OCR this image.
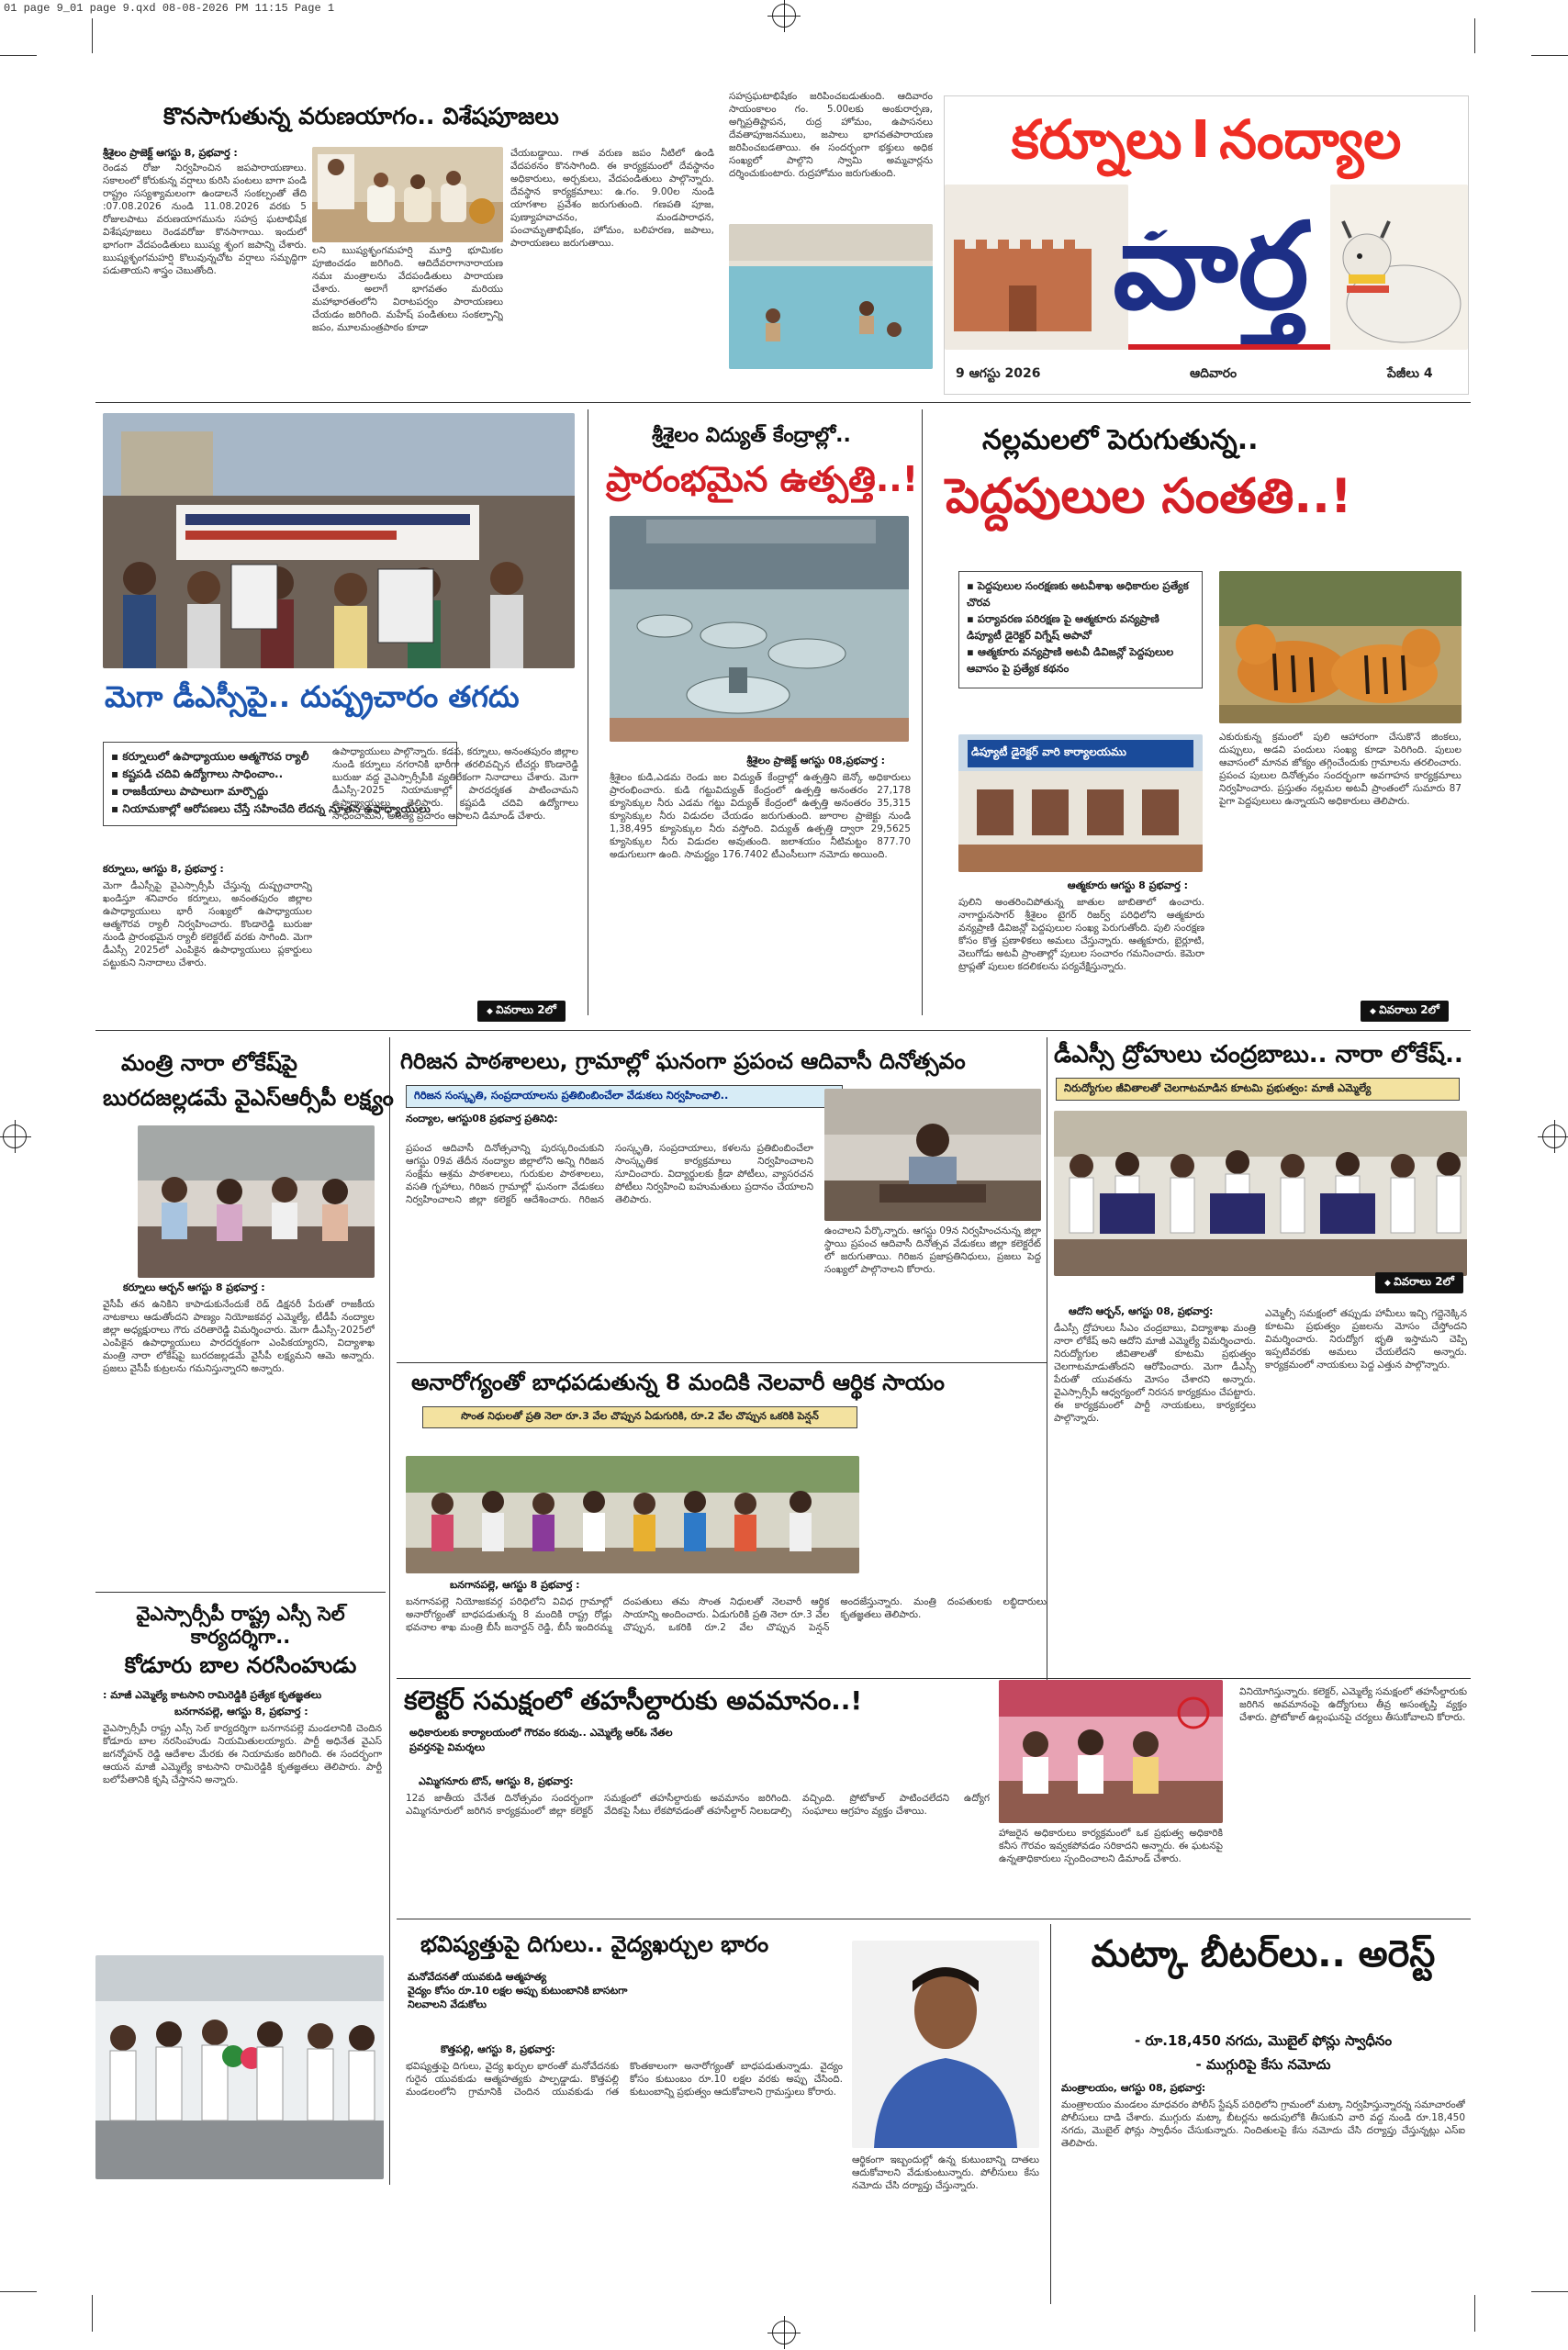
01 page 9_01 page 9.qxd 08-08-2026 PM 11:15 Page 1
కొనసాగుతున్న వరుణయాగం.. విశేషపూజలు
శ్రీశైలం ప్రాజెక్ట్ ఆగస్టు 8, ప్రభవార్త :
రెండవ రోజు నిర్వహించిన జపపారాయణాలు. సకాలంలో కోరుకున్న వర్షాలు కురిసి పంటలు బాగా పండి రాష్ట్రం సస్యశ్యామలంగా ఉండాలనే సంకల్పంతో తేది :07.08.2026 నుండి 11.08.2026 వరకు 5 రోజులపాటు వరుణయాగమును సహస్ర ఘటాభిషేక విశేషపూజలు రెండవరోజు కొనసాగాయి. ఇందులో భాగంగా వేదపండితులు ఋష్య శృంగ జపాన్ని చేశారు. ఋష్యశృంగమహర్షి కొలువున్నచోట వర్షాలు సమృద్ధిగా పడుతాయని శాస్త్రం చెబుతోంది.
లని ఋష్యశృంగమహర్షి మూర్తి భూమికల పూజించడం జరిగింది. ఆదిదేవరాగానారాయణ నమః మంత్రాలను వేదపండితులు పారాయణ చేశారు. అలాగే భాగవతం మరియు మహాభారతంలోని విరాటపర్వం పారాయణలు చేయడం జరిగింది. మహేష్ పండితులు సంకల్పాన్ని జపం, మూలమంత్రపాఠం కూడా
చేయబడ్డాయి. గాత వరుణ జపం నీటిలో ఉండి వేదపఠనం కొనసాగింది. ఈ కార్యక్రమంలో దేవస్థానం అధికారులు, అర్చకులు, వేదపండితులు పాల్గొన్నారు. దేవస్థాన కార్యక్రమాలు: ఉ.గం. 9.00ల నుండి యాగశాల ప్రవేశం జరుగుతుంది. గణపతి పూజ, పుణ్యాహవాచనం, మండపారాధన, పంచామృతాభిషేకం, హోమం, బలిహరణ, జపాలు, పారాయణలు జరుగుతాయి.
సహస్రఘటాభిషేకం జరిపించబడుతుంది. ఆదివారం సాయంకాలం గం. 5.00లకు అంకురార్పణ, అగ్నిప్రతిష్టాపన, రుద్ర హోమం, ఉపాసనలు దేవతాపూజనములు, జపాలు భాగవతపారాయణ జరిపించబడతాయి. ఈ సందర్భంగా భక్తులు అధిక సంఖ్యలో పాల్గొని స్వామి అమ్మవార్లను దర్శించుకుంటారు. రుద్రహోమం జరుగుతుంది.
కర్నూలు I నంద్యాల
వార్త
9 ఆగస్టు 2026	ఆదివారం	పేజీలు 4
మెగా డీఎస్సీపై.. దుష్ప్రచారం తగదు
▪ కర్నూలులో ఉపాధ్యాయుల ఆత్మగౌరవ ర్యాలీ
▪ కష్టపడి చదివి ఉద్యోగాలు సాధించాం..
▪ రాజకీయాలు పాపాలుగా మార్చొద్దు
▪ నియామకాల్లో ఆరోపణలు చేస్తే సహించేది లేదన్న నూతన ఉపాధ్యాయులు
కర్నూలు, ఆగస్టు 8, ప్రభవార్త :
మెగా డీఎస్సీపై వైఎస్సార్సీపీ చేస్తున్న దుష్ప్రచారాన్ని ఖండిస్తూ శనివారం కర్నూలు, అనంతపురం జిల్లాల ఉపాధ్యాయులు భారీ సంఖ్యలో ఉపాధ్యాయుల ఆత్మగౌరవ ర్యాలీ నిర్వహించారు. కొండారెడ్డి బురుజు నుండి ప్రారంభమైన ర్యాలీ కలెక్టరేట్ వరకు సాగింది. మెగా డీఎస్సీ 2025లో ఎంపికైన ఉపాధ్యాయులు ప్లకార్డులు పట్టుకుని నినాదాలు చేశారు.
ఉపాధ్యాయులు పాల్గొన్నారు. కడప, కర్నూలు, అనంతపురం జిల్లాల నుండి కర్నూలు నగరానికి భారీగా తరలివచ్చిన టీచర్లు కొండారెడ్డి బురుజు వద్ద వైఎస్సార్సీపీకి వ్యతిరేకంగా నినాదాలు చేశారు. మెగా డీఎస్సీ-2025 నియామకాల్లో పారదర్శకత పాటించామని ఉపాధ్యాయులు తెలిపారు. కష్టపడి చదివి ఉద్యోగాలు సాధించామని, అసత్య ప్రచారం ఆపాలని డిమాండ్ చేశారు.
◆ వివరాలు 2లో
శ్రీశైలం విద్యుత్ కేంద్రాల్లో..
ప్రారంభమైన ఉత్పత్తి..!
శ్రీశైలం ప్రాజెక్ట్ ఆగస్టు 08,ప్రభవార్త :
శ్రీశైలం కుడి,ఎడమ రెండు జల విద్యుత్ కేంద్రాల్లో ఉత్పత్తిని జెన్కో అధికారులు ప్రారంభించారు. కుడి గట్టువిద్యుత్ కేంద్రంలో ఉత్పత్తి అనంతరం 27,178 క్యూసెక్కుల నీరు ఎడమ గట్టు విద్యుత్ కేంద్రంలో ఉత్పత్తి అనంతరం 35,315 క్యూసెక్కుల నీరు విడుదల చేయడం జరుగుతుంది. జూరాల ప్రాజెక్టు నుండి 1,38,495 క్యూసెక్కుల నీరు వస్తోంది. విద్యుత్ ఉత్పత్తి ద్వారా 29,5625 క్యూసెక్కుల నీరు విడుదల అవుతుంది. జలాశయం నీటిమట్టం 877.70 అడుగులుగా ఉంది. సామర్థ్యం 176.7402 టీఎంసీలుగా నమోదు అయింది.
నల్లమలలో పెరుగుతున్న..
పెద్దపులుల సంతతి..!
▪ పెద్దపులుల సంరక్షణకు అటవీశాఖ అధికారుల ప్రత్యేక చొరవ
▪ పర్యావరణ పరిరక్షణ పై ఆత్మకూరు వన్యప్రాణి డిప్యూటీ డైరెక్టర్ విగ్నేష్ అపావో
▪ ఆత్మకూరు వన్యప్రాణి అటవీ డివిజన్లో పెద్దపులుల ఆవాసం పై ప్రత్యేక కథనం
డిప్యూటీ డైరెక్టర్ వారి కార్యాలయము
ఆత్మకూరు ఆగస్టు 8 ప్రభవార్త :
పులిని అంతరించిపోతున్న జాతుల జాబితాలో ఉంచారు. నాగార్జునసాగర్ శ్రీశైలం టైగర్ రిజర్వ్ పరిధిలోని ఆత్మకూరు వన్యప్రాణి డివిజన్లో పెద్దపులుల సంఖ్య పెరుగుతోంది. పులి సంరక్షణ కోసం కొత్త ప్రణాళికలు అమలు చేస్తున్నారు. ఆత్మకూరు, బైర్లూటి, వెలుగోడు అటవీ ప్రాంతాల్లో పులుల సంచారం గమనించారు. కెమెరా ట్రాప్లతో పులుల కదలికలను పర్యవేక్షిస్తున్నారు.
ఎకురుకున్న క్రమంలో పులి ఆహారంగా చేసుకొనే జింకలు, దుప్పులు, అడవి పందులు సంఖ్య కూడా పెరిగింది. పులుల ఆవాసంలో మానవ జోక్యం తగ్గించేందుకు గ్రామాలను తరలించారు. ప్రపంచ పులుల దినోత్సవం సందర్భంగా అవగాహన కార్యక్రమాలు నిర్వహించారు. ప్రస్తుతం నల్లమల అటవీ ప్రాంతంలో సుమారు 87 పైగా పెద్దపులులు ఉన్నాయని అధికారులు తెలిపారు.
◆ వివరాలు 2లో
మంత్రి నారా లోకేష్‌పై
బురదజల్లడమే వైఎస్ఆర్సీపీ లక్ష్యం
కర్నూలు ఆర్బన్ ఆగస్టు 8 ప్రభవార్త :
వైసీపీ తన ఉనికిని కాపాడుకునేందుకే రెడ్ డిక్షనరీ పేరుతో రాజకీయ నాటకాలు ఆడుతోందని పాణ్యం నియోజకవర్గ ఎమ్మెల్యే, టీడీపీ నంద్యాల జిల్లా అధ్యక్షురాలు గౌరు చరితారెడ్డి విమర్శించారు. మెగా డీఎస్సీ-2025లో ఎంపికైన ఉపాధ్యాయులు పారదర్శకంగా ఎంపికయ్యారని, విద్యాశాఖ మంత్రి నారా లోకేష్‌పై బురదజల్లడమే వైసీపీ లక్ష్యమని ఆమె అన్నారు. ప్రజలు వైసీపీ కుట్రలను గమనిస్తున్నారని అన్నారు.
వైఎస్సార్సీపీ రాష్ట్ర ఎస్సీ సెల్ కార్యదర్శిగా..
కోడూరు బాల నరసింహుడు
: మాజీ ఎమ్మెల్యే కాటసాని రామిరెడ్డికి ప్రత్యేక కృతజ్ఞతలు
బనగానపల్లె, ఆగస్టు 8, ప్రభవార్త :
వైఎస్సార్సీపీ రాష్ట్ర ఎస్సీ సెల్ కార్యదర్శిగా బనగానపల్లె మండలానికి చెందిన కోడూరు బాల నరసింహుడు నియమితులయ్యారు. పార్టీ అధినేత వైఎస్ జగన్మోహన్ రెడ్డి ఆదేశాల మేరకు ఈ నియామకం జరిగింది. ఈ సందర్భంగా ఆయన మాజీ ఎమ్మెల్యే కాటసాని రామిరెడ్డికి కృతజ్ఞతలు తెలిపారు. పార్టీ బలోపేతానికి కృషి చేస్తానని అన్నారు.
గిరిజన పాఠశాలలు, గ్రామాల్లో ఘనంగా ప్రపంచ ఆదివాసీ దినోత్సవం
గిరిజన సంస్కృతి, సంప్రదాయాలను ప్రతిబింబించేలా వేడుకలు నిర్వహించాలి..
నంద్యాల, ఆగస్టు08 ప్రభవార్త ప్రతినిధి:
ప్రపంచ ఆదివాసీ దినోత్సవాన్ని పురస్కరించుకుని ఆగస్టు 09వ తేదీన నంద్యాల జిల్లాలోని అన్ని గిరిజన సంక్షేమ ఆశ్రమ పాఠశాలలు, గురుకుల పాఠశాలలు, వసతి గృహాలు, గిరిజన గ్రామాల్లో ఘనంగా వేడుకలు నిర్వహించాలని జిల్లా కలెక్టర్ ఆదేశించారు. గిరిజన సంస్కృతి, సంప్రదాయాలు, కళలను ప్రతిబింబించేలా సాంస్కృతిక కార్యక్రమాలు నిర్వహించాలని సూచించారు. విద్యార్థులకు క్రీడా పోటీలు, వ్యాసరచన పోటీలు నిర్వహించి బహుమతులు ప్రదానం చేయాలని తెలిపారు.
ఉంచాలని పేర్కొన్నారు. ఆగస్టు 09న నిర్వహించనున్న జిల్లా స్థాయి ప్రపంచ ఆదివాసీ దినోత్సవ వేడుకలు జిల్లా కలెక్టరేట్ లో జరుగుతాయి. గిరిజన ప్రజాప్రతినిధులు, ప్రజలు పెద్ద సంఖ్యలో పాల్గొనాలని కోరారు.
అనారోగ్యంతో బాధపడుతున్న 8 మందికి నెలవారీ ఆర్థిక సాయం
సొంత నిధులతో ప్రతి నెలా రూ.3 వేల చొప్పున ఏడుగురికి, రూ.2 వేల చొప్పున ఒకరికి పెన్షన్
బనగానపల్లె, ఆగస్టు 8 ప్రభవార్త :
బనగానపల్లె నియోజకవర్గ పరిధిలోని వివిధ గ్రామాల్లో అనారోగ్యంతో బాధపడుతున్న 8 మందికి రాష్ట్ర రోడ్లు భవనాల శాఖ మంత్రి బీసీ జనార్దన్ రెడ్డి, బీసీ ఇందిరమ్మ దంపతులు తమ సొంత నిధులతో నెలవారీ ఆర్థిక సాయాన్ని అందించారు. ఏడుగురికి ప్రతి నెలా రూ.3 వేల చొప్పున, ఒకరికి రూ.2 వేల చొప్పున పెన్షన్ అందజేస్తున్నారు. మంత్రి దంపతులకు లబ్ధిదారులు కృతజ్ఞతలు తెలిపారు.
డీఎస్సీ ద్రోహులు చంద్రబాబు.. నారా లోకేష్..
నిరుద్యోగుల జీవితాలతో చెలగాటమాడిన కూటమి ప్రభుత్వం: మాజీ ఎమ్మెల్యే
◆ వివరాలు 2లో
ఆదోని ఆర్బన్, ఆగస్టు 08, ప్రభవార్త:
డీఎస్సీ ద్రోహులు సీఎం చంద్రబాబు, విద్యాశాఖ మంత్రి నారా లోకేష్ అని ఆదోని మాజీ ఎమ్మెల్యే విమర్శించారు. నిరుద్యోగుల జీవితాలతో కూటమి ప్రభుత్వం చెలగాటమాడుతోందని ఆరోపించారు. మెగా డీఎస్సీ పేరుతో యువతను మోసం చేశారని అన్నారు. వైఎస్సార్సీపీ ఆధ్వర్యంలో నిరసన కార్యక్రమం చేపట్టారు. ఈ కార్యక్రమంలో పార్టీ నాయకులు, కార్యకర్తలు పాల్గొన్నారు.
ఎమ్మెల్సీ సమక్షంలో తప్పుడు హామీలు ఇచ్చి గద్దెనెక్కిన కూటమి ప్రభుత్వం ప్రజలను మోసం చేస్తోందని విమర్శించారు. నిరుద్యోగ భృతి ఇస్తామని చెప్పి ఇప్పటివరకు అమలు చేయలేదని అన్నారు. కార్యక్రమంలో నాయకులు పెద్ద ఎత్తున పాల్గొన్నారు.
కలెక్టర్ సమక్షంలో తహసీల్దారుకు అవమానం..!
అధికారులకు కార్యాలయంలో గౌరవం కరువు.. ఎమ్మెల్యే ఆర్ఓ నేతల ప్రవర్తనపై విమర్శలు
ఎమ్మిగనూరు టౌన్, ఆగస్టు 8, ప్రభవార్త:
12వ జాతీయ చేనేత దినోత్సవం సందర్భంగా ఎమ్మిగనూరులో జరిగిన కార్యక్రమంలో జిల్లా కలెక్టర్ సమక్షంలో తహసీల్దారుకు అవమానం జరిగింది. వేదికపై సీటు లేకపోవడంతో తహసీల్దార్ నిలబడాల్సి వచ్చింది. ప్రోటోకాల్ పాటించలేదని ఉద్యోగ సంఘాలు ఆగ్రహం వ్యక్తం చేశాయి.
హాజరైన అధికారులు కార్యక్రమంలో ఒక ప్రభుత్వ అధికారికి కనీస గౌరవం ఇవ్వకపోవడం సరికాదని అన్నారు. ఈ ఘటనపై ఉన్నతాధికారులు స్పందించాలని డిమాండ్ చేశారు.
వినియోగిస్తున్నారు. కలెక్టర్, ఎమ్మెల్యే సమక్షంలో తహసీల్దారుకు జరిగిన అవమానంపై ఉద్యోగులు తీవ్ర అసంతృప్తి వ్యక్తం చేశారు. ప్రోటోకాల్ ఉల్లంఘనపై చర్యలు తీసుకోవాలని కోరారు.
భవిష్యత్తుపై దిగులు.. వైద్యఖర్చుల భారం
మనోవేదనతో యువకుడి ఆత్మహత్య
వైద్యం కోసం రూ.10 లక్షల అప్పు కుటుంబానికి బాసటగా నిలవాలని వేడుకోలు
కొత్తపల్లి, ఆగస్టు 8, ప్రభవార్త:
భవిష్యత్తుపై దిగులు, వైద్య ఖర్చుల భారంతో మనోవేదనకు గురైన యువకుడు ఆత్మహత్యకు పాల్పడ్డాడు. కొత్తపల్లి మండలంలోని గ్రామానికి చెందిన యువకుడు గత కొంతకాలంగా అనారోగ్యంతో బాధపడుతున్నాడు. వైద్యం కోసం కుటుంబం రూ.10 లక్షల వరకు అప్పు చేసింది. కుటుంబాన్ని ప్రభుత్వం ఆదుకోవాలని గ్రామస్తులు కోరారు.
ఆర్థికంగా ఇబ్బందుల్లో ఉన్న కుటుంబాన్ని దాతలు ఆదుకోవాలని వేడుకుంటున్నారు. పోలీసులు కేసు నమోదు చేసి దర్యాప్తు చేస్తున్నారు.
మట్కా బీటర్‌లు.. అరెస్ట్
- రూ.18,450 నగదు, మొబైల్ ఫోన్లు స్వాధీనం
- ముగ్గురిపై కేసు నమోదు
మంత్రాలయం, ఆగస్టు 08, ప్రభవార్త:
మంత్రాలయం మండలం మాధవరం పోలీస్ స్టేషన్ పరిధిలోని గ్రామంలో మట్కా నిర్వహిస్తున్నారన్న సమాచారంతో పోలీసులు దాడి చేశారు. ముగ్గురు మట్కా బీటర్లను అదుపులోకి తీసుకుని వారి వద్ద నుండి రూ.18,450 నగదు, మొబైల్ ఫోన్లు స్వాధీనం చేసుకున్నారు. నిందితులపై కేసు నమోదు చేసి దర్యాప్తు చేస్తున్నట్లు ఎస్ఐ తెలిపారు.
